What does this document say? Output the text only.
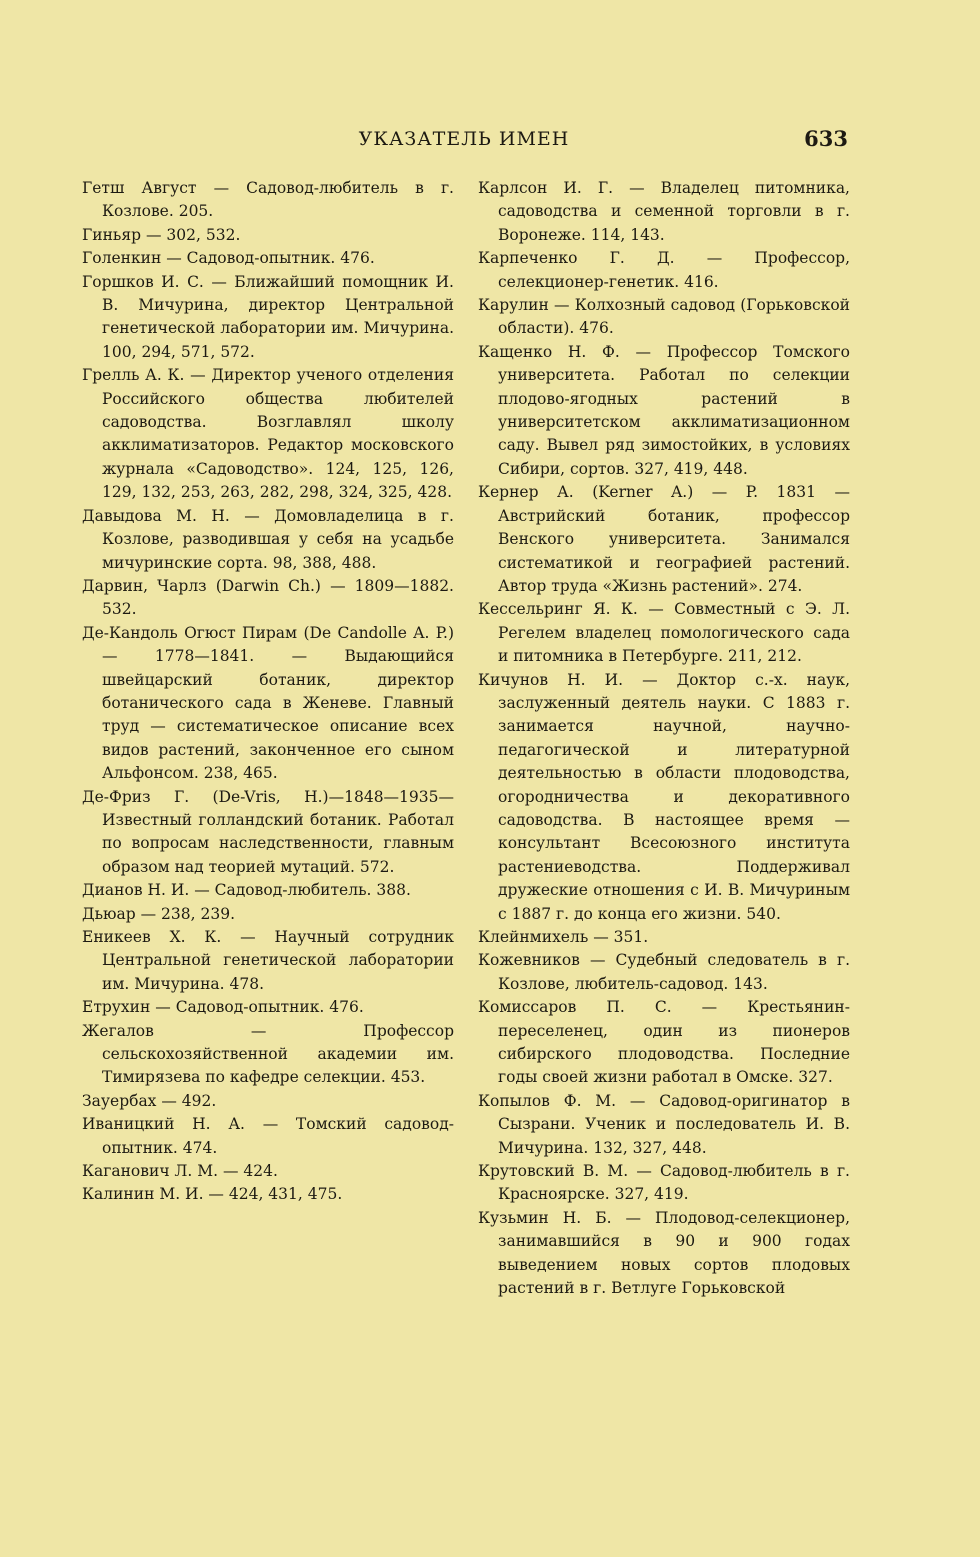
УКАЗАТЕЛЬ ИМЕН	633
Гетш Август — Садовод-любитель в г. Козлове. 205.
Гиньяр — 302, 532.
Голенкин — Садовод-опытник. 476.
Горшков И. С. — Ближайший помощник И. В. Мичурина, директор Центральной генетической лаборатории им. Мичурина. 100, 294, 571, 572.
Грелль А. К. — Директор ученого отделения Российского общества любителей садоводства. Возглавлял школу акклиматизаторов. Редактор московского журнала «Садоводство». 124, 125, 126, 129, 132, 253, 263, 282, 298, 324, 325, 428.
Давыдова М. Н. — Домовладелица в г. Козлове, разводившая у себя на усадьбе мичуринские сорта. 98, 388, 488.
Дарвин, Чарлз (Darwin Ch.) — 1809—1882. 532.
Де-Кандоль Огюст Пирам (De Candolle A. P.) — 1778—1841. — Выдающийся швейцарский ботаник, директор ботанического сада в Женеве. Главный труд — систематическое описание всех видов растений, законченное его сыном Альфонсом. 238, 465.
Де-Фриз Г. (De-Vris, H.)—1848—1935— Известный голландский ботаник. Работал по вопросам наследственности, главным образом над теорией мутаций. 572.
Дианов Н. И. — Садовод-любитель. 388.
Дьюар — 238, 239.
Еникеев Х. К. — Научный сотрудник Центральной генетической лаборатории им. Мичурина. 478.
Етрухин — Садовод-опытник. 476.
Жегалов — Профессор сельскохозяйственной академии им. Тимирязева по кафедре селекции. 453.
Зауербах — 492.
Иваницкий Н. А. — Томский садовод-опытник. 474.
Каганович Л. М. — 424.
Калинин М. И. — 424, 431, 475.
Карлсон И. Г. — Владелец питомника, садоводства и семенной торговли в г. Воронеже. 114, 143.
Карпеченко Г. Д. — Профессор, селекционер-генетик. 416.
Карулин — Колхозный садовод (Горьковской области). 476.
Кащенко Н. Ф. — Профессор Томского университета. Работал по селекции плодово-ягодных растений в университетском акклиматизационном саду. Вывел ряд зимостойких, в условиях Сибири, сортов. 327, 419, 448.
Кернер А. (Kerner A.) — P. 1831 — Австрийский ботаник, профессор Венского университета. Занимался систематикой и географией растений. Автор труда «Жизнь растений». 274.
Кессельринг Я. К. — Совместный с Э. Л. Регелем владелец помологического сада и питомника в Петербурге. 211, 212.
Кичунов Н. И. — Доктор с.-х. наук, заслуженный деятель науки. С 1883 г. занимается научной, научно-педагогической и литературной деятельностью в области плодоводства, огородничества и декоративного садоводства. В настоящее время — консультант Всесоюзного института растениеводства. Поддерживал дружеские отношения с И. В. Мичуриным с 1887 г. до конца его жизни. 540.
Клейнмихель — 351.
Кожевников — Судебный следователь в г. Козлове, любитель-садовод. 143.
Комиссаров П. С. — Крестьянин-переселенец, один из пионеров сибирского плодоводства. Последние годы своей жизни работал в Омске. 327.
Копылов Ф. М. — Садовод-оригинатор в Сызрани. Ученик и последователь И. В. Мичурина. 132, 327, 448.
Крутовский В. М. — Садовод-любитель в г. Красноярске. 327, 419.
Кузьмин Н. Б. — Плодовод-селекционер, занимавшийся в 90 и 900 годах выведением новых сортов плодовых растений в г. Ветлуге Горьковской
